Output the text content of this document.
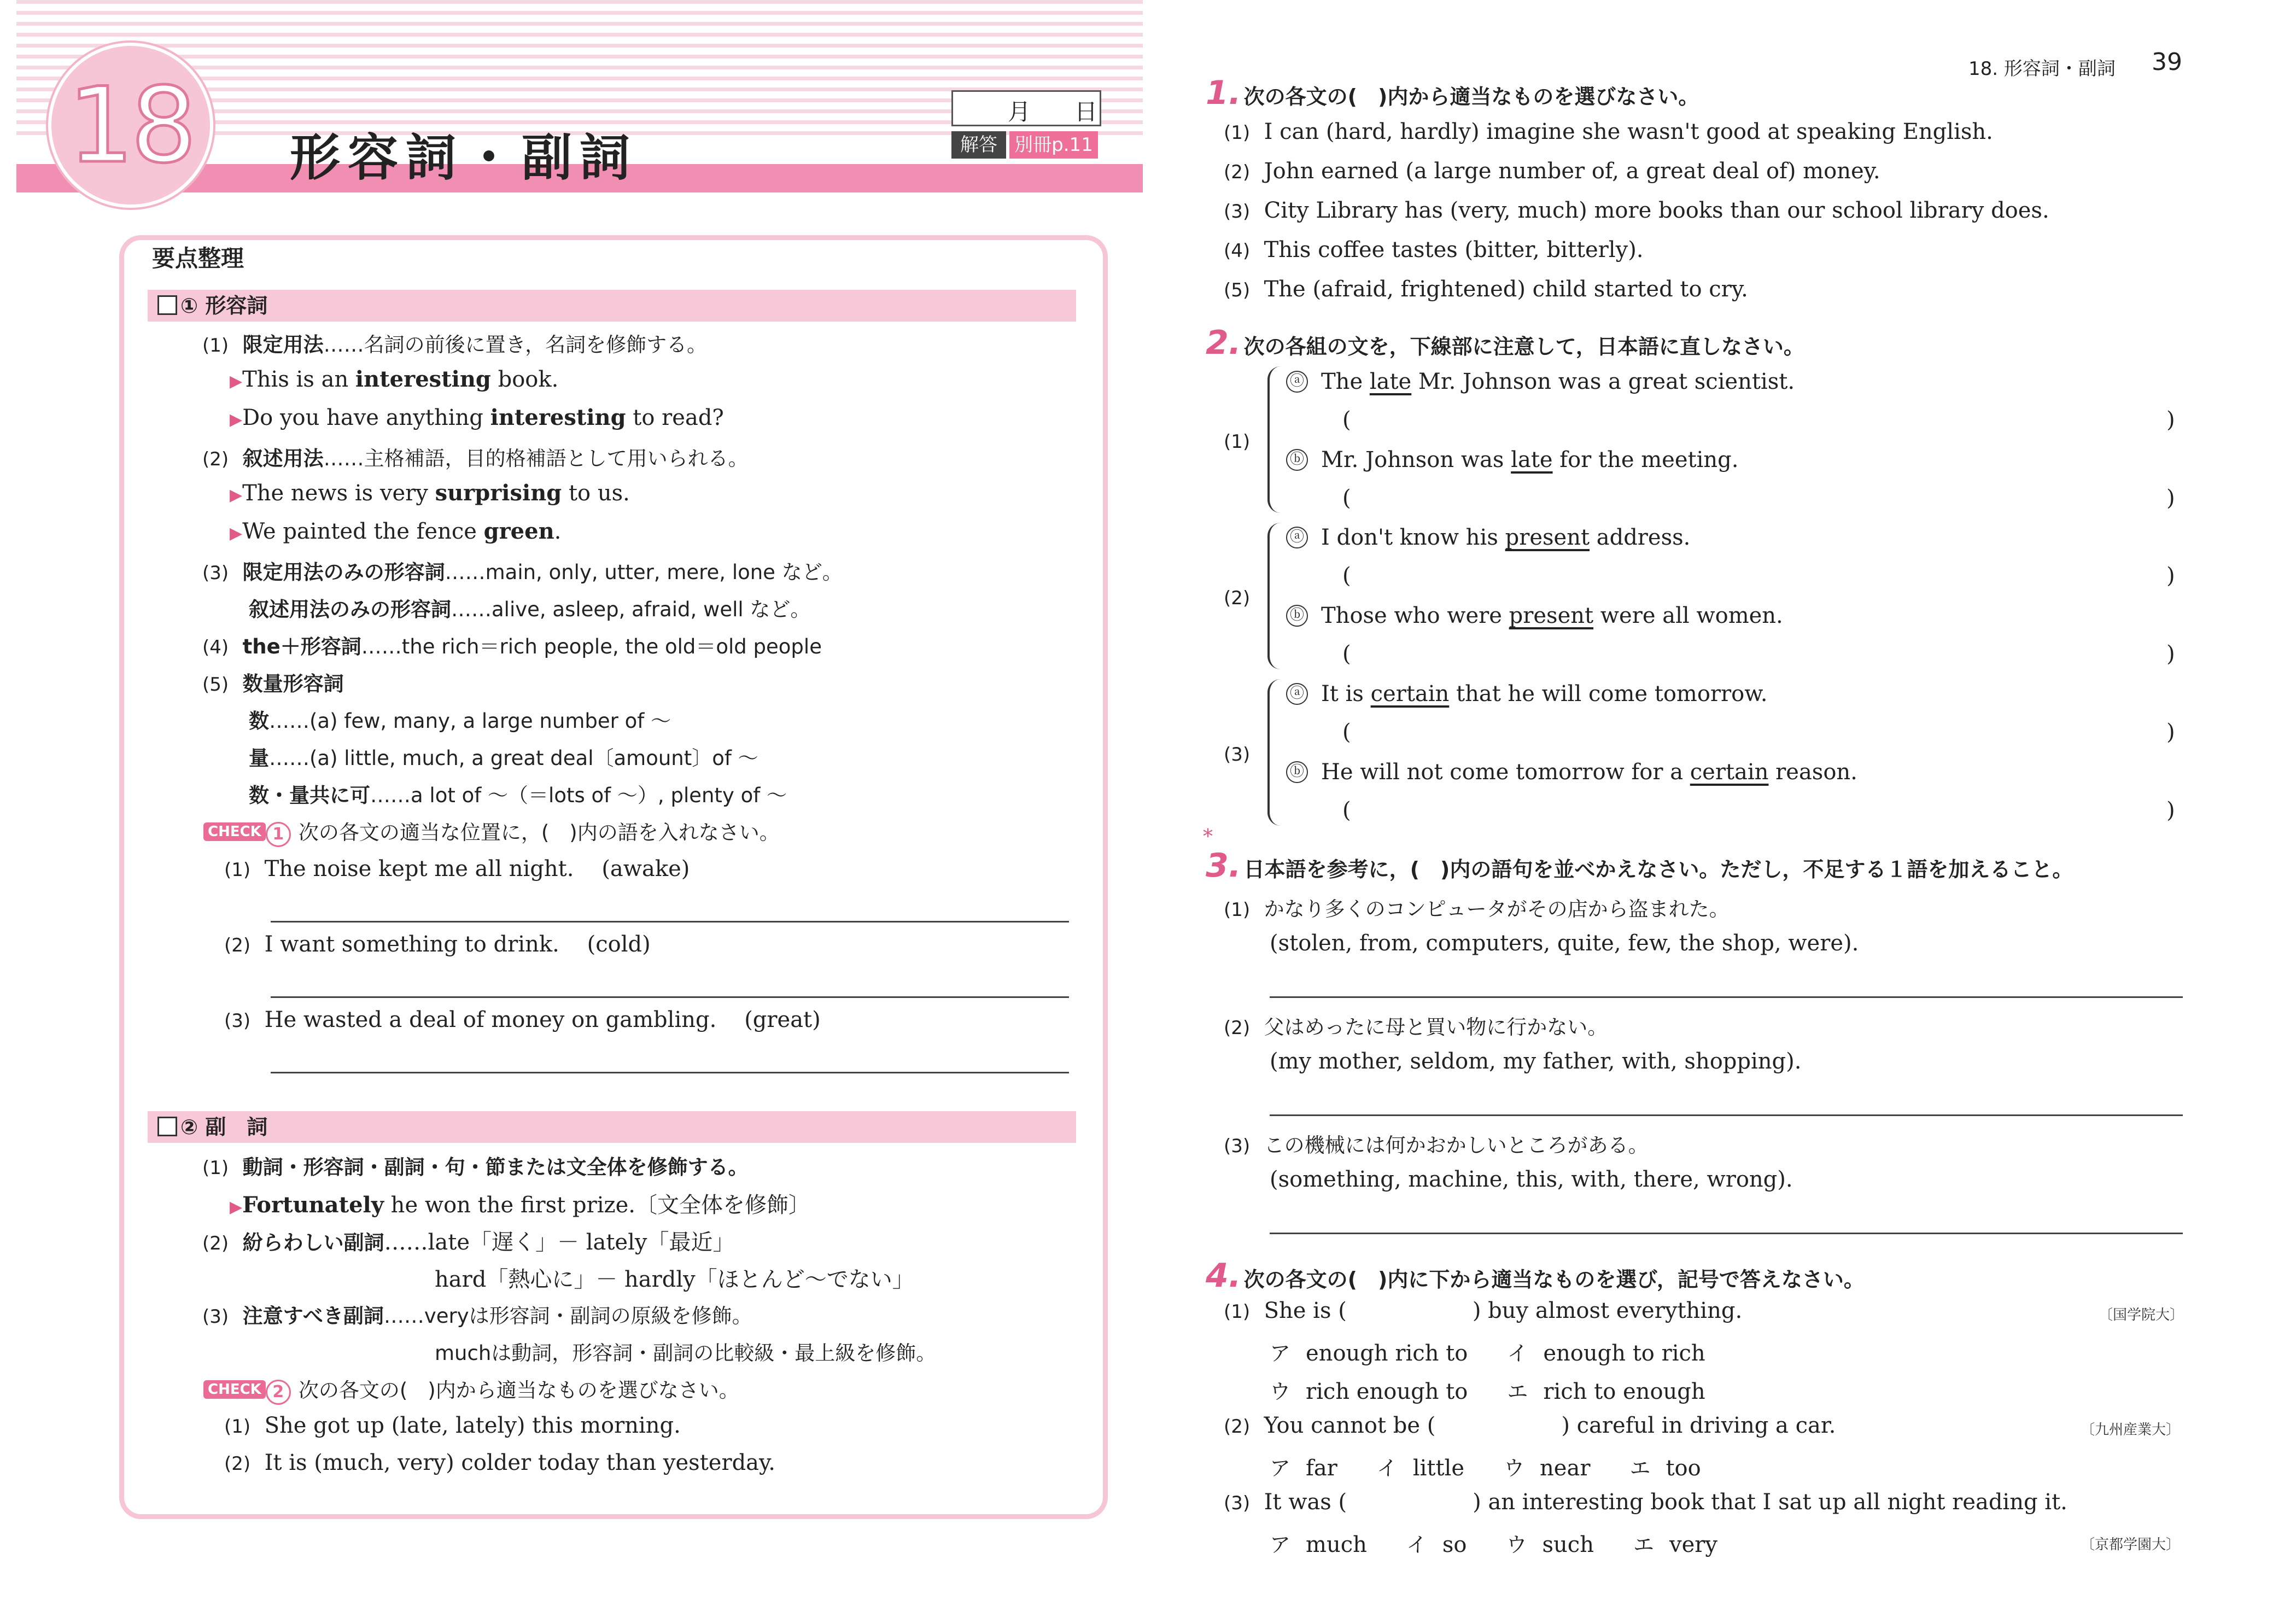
18	形容詞・副詞
月 日
解答 別冊p.11
要点整理
① 形容詞
(1) 限定用法……名詞の前後に置き，名詞を修飾する。
▶This is an interesting book.
▶Do you have anything interesting to read?
(2) 叙述用法……主格補語，目的格補語として用いられる。
▶The news is very surprising to us.
▶We painted the fence green.
(3) 限定用法のみの形容詞……main, only, utter, mere, lone など。
叙述用法のみの形容詞……alive, asleep, afraid, well など。
(4) the＋形容詞……the rich＝rich people, the old＝old people
(5) 数量形容詞
数……(a) few, many, a large number of ～
量……(a) little, much, a great deal〔amount〕of ～
数・量共に可……a lot of ～（＝lots of ～）, plenty of ～
CHECK 1 次の各文の適当な位置に，(　)内の語を入れなさい。
(1) The noise kept me all night. (awake)
(2) I want something to drink. (cold)
(3) He wasted a deal of money on gambling. (great)
② 副　詞
(1) 動詞・形容詞・副詞・句・節または文全体を修飾する。
▶Fortunately he won the first prize.〔文全体を修飾〕
(2) 紛らわしい副詞……late「遅く」－ lately「最近」
hard「熱心に」－ hardly「ほとんど～でない」
(3) 注意すべき副詞……veryは形容詞・副詞の原級を修飾。
muchは動詞，形容詞・副詞の比較級・最上級を修飾。
CHECK 2 次の各文の(　)内から適当なものを選びなさい。
(1) She got up (late, lately) this morning.
(2) It is (much, very) colder today than yesterday.
18. 形容詞・副詞 39
1. 次の各文の(　)内から適当なものを選びなさい。
(1) I can (hard, hardly) imagine she wasn't good at speaking English.
(2) John earned (a large number of, a great deal of) money.
(3) City Library has (very, much) more books than our school library does.
(4) This coffee tastes (bitter, bitterly).
(5) The (afraid, frightened) child started to cry.
2. 次の各組の文を，下線部に注意して，日本語に直しなさい。
(1)
ⓐ The late Mr. Johnson was a great scientist.
(	)
ⓑ Mr. Johnson was late for the meeting.
(	)
(2)
ⓐ I don't know his present address.
(	)
ⓑ Those who were present were all women.
(	)
(3)
ⓐ It is certain that he will come tomorrow.
(	)
ⓑ He will not come tomorrow for a certain reason.
(	)
*
3. 日本語を参考に，(　)内の語句を並べかえなさい。ただし，不足する１語を加えること。
(1) かなり多くのコンピュータがその店から盗まれた。
(stolen, from, computers, quite, few, the shop, were).
(2) 父はめったに母と買い物に行かない。
(my mother, seldom, my father, with, shopping).
(3) この機械には何かおかしいところがある。
(something, machine, this, with, there, wrong).
4. 次の各文の(　)内に下から適当なものを選び，記号で答えなさい。
(1) She is (	) buy almost everything.	〔国学院大〕
ア enough rich to イ enough to rich
ウ rich enough to エ rich to enough
(2) You cannot be (	) careful in driving a car.	〔九州産業大〕
ア far イ little ウ near エ too
(3) It was (	) an interesting book that I sat up all night reading it.
ア much イ so ウ such エ very	〔京都学園大〕
